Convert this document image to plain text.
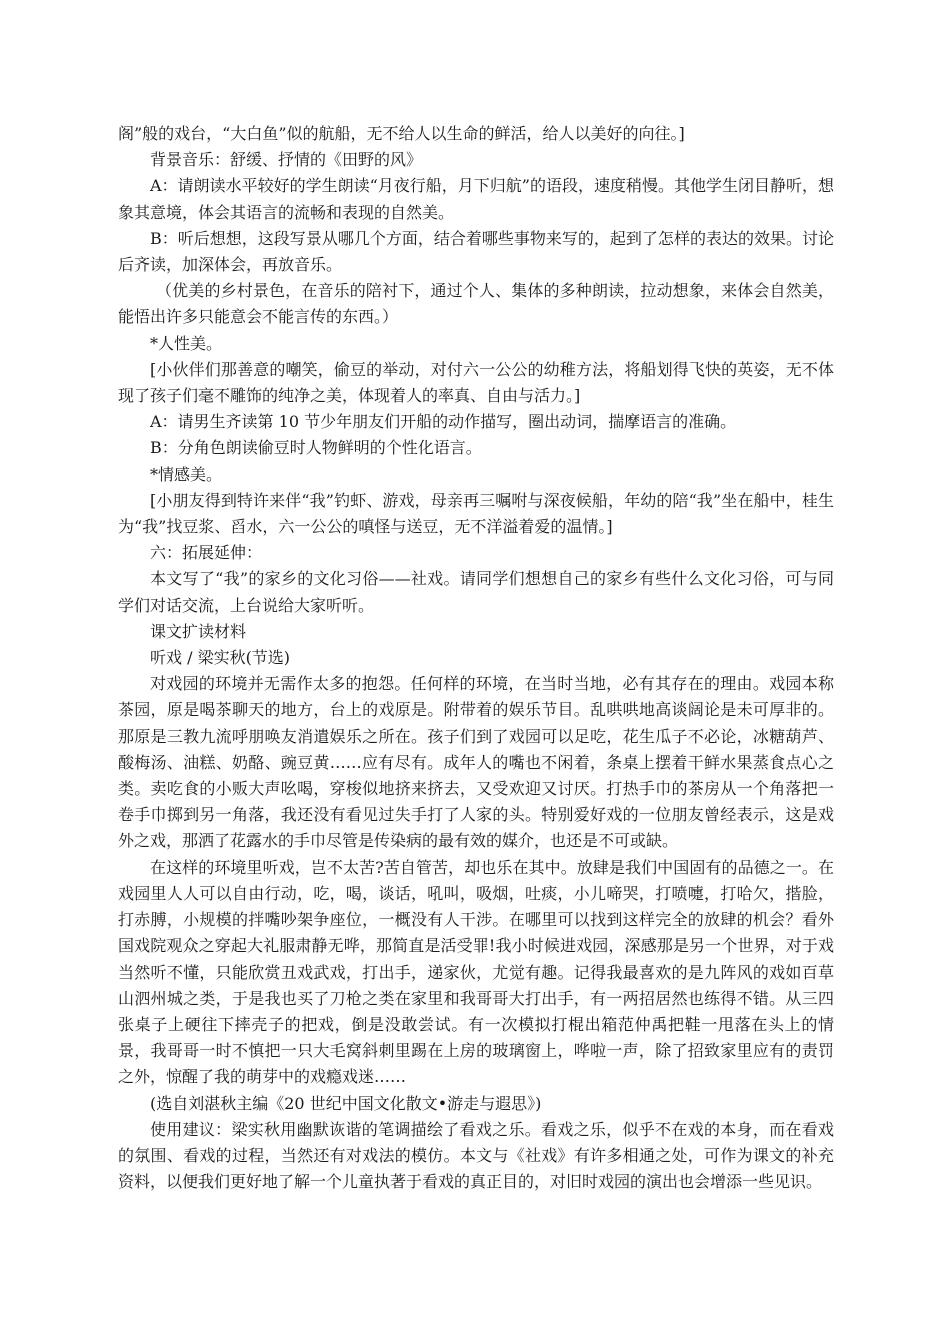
阁”般的戏台，“大白鱼”似的航船，无不给人以生命的鲜活，给人以美好的向往。]

背景音乐：舒缓、抒情的《田野的风》

A：请朗读水平较好的学生朗读“月夜行船，月下归航”的语段，速度稍慢。其他学生闭目静听，想象其意境，体会其语言的流畅和表现的自然美。

B：听后想想，这段写景从哪几个方面，结合着哪些事物来写的，起到了怎样的表达的效果。讨论后齐读，加深体会，再放音乐。

（优美的乡村景色，在音乐的陪衬下，通过个人、集体的多种朗读，拉动想象，来体会自然美，能悟出许多只能意会不能言传的东西。）

*人性美。

[小伙伴们那善意的嘲笑，偷豆的举动，对付六一公公的幼稚方法，将船划得飞快的英姿，无不体现了孩子们毫不雕饰的纯净之美，体现着人的率真、自由与活力。]

A：请男生齐读第 10 节少年朋友们开船的动作描写，圈出动词，揣摩语言的准确。

B：分角色朗读偷豆时人物鲜明的个性化语言。

*情感美。

[小朋友得到特许来伴“我”钓虾、游戏，母亲再三嘱咐与深夜候船，年幼的陪“我”坐在船中，桂生为“我”找豆浆、舀水，六一公公的嗔怪与送豆，无不洋溢着爱的温情。]

六：拓展延伸：

本文写了“我”的家乡的文化习俗——社戏。请同学们想想自己的家乡有些什么文化习俗，可与同学们对话交流，上台说给大家听听。

课文扩读材料

听戏 / 梁实秋(节选)

对戏园的环境并无需作太多的抱怨。任何样的环境，在当时当地，必有其存在的理由。戏园本称茶园，原是喝茶聊天的地方，台上的戏原是。附带着的娱乐节目。乱哄哄地高谈阔论是未可厚非的。那原是三教九流呼朋唤友消遣娱乐之所在。孩子们到了戏园可以足吃，花生瓜子不必论，冰糖葫芦、酸梅汤、油糕、奶酪、豌豆黄……应有尽有。成年人的嘴也不闲着，条桌上摆着干鲜水果蒸食点心之类。卖吃食的小贩大声吆喝，穿梭似地挤来挤去，又受欢迎又讨厌。打热手巾的茶房从一个角落把一卷手巾掷到另一角落，我还没有看见过失手打了人家的头。特别爱好戏的一位朋友曾经表示，这是戏外之戏，那洒了花露水的手巾尽管是传染病的最有效的媒介，也还是不可或缺。

在这样的环境里听戏，岂不太苦?苦自管苦，却也乐在其中。放肆是我们中国固有的品德之一。在戏园里人人可以自由行动，吃，喝，谈话，吼叫，吸烟，吐痰，小儿啼哭，打喷嚏，打哈欠，揩脸，打赤膊，小规模的拌嘴吵架争座位，一概没有人干涉。在哪里可以找到这样完全的放肆的机会？看外国戏院观众之穿起大礼服肃静无哗，那简直是活受罪!我小时候进戏园，深感那是另一个世界，对于戏当然听不懂，只能欣赏丑戏武戏，打出手，递家伙，尤觉有趣。记得我最喜欢的是九阵风的戏如百草山泗州城之类，于是我也买了刀枪之类在家里和我哥哥大打出手，有一两招居然也练得不错。从三四张桌子上硬往下摔壳子的把戏，倒是没敢尝试。有一次模拟打棍出箱范仲禹把鞋一甩落在头上的情景，我哥哥一时不慎把一只大毛窝斜刺里踢在上房的玻璃窗上，哗啦一声，除了招致家里应有的责罚之外，惊醒了我的萌芽中的戏瘾戏迷……

(选自刘湛秋主编《20 世纪中国文化散文•游走与遐思》)

使用建议：梁实秋用幽默诙谐的笔调描绘了看戏之乐。看戏之乐，似乎不在戏的本身，而在看戏的氛围、看戏的过程，当然还有对戏法的模仿。本文与《社戏》有许多相通之处，可作为课文的补充资料，以便我们更好地了解一个儿童执著于看戏的真正目的，对旧时戏园的演出也会增添一些见识。
